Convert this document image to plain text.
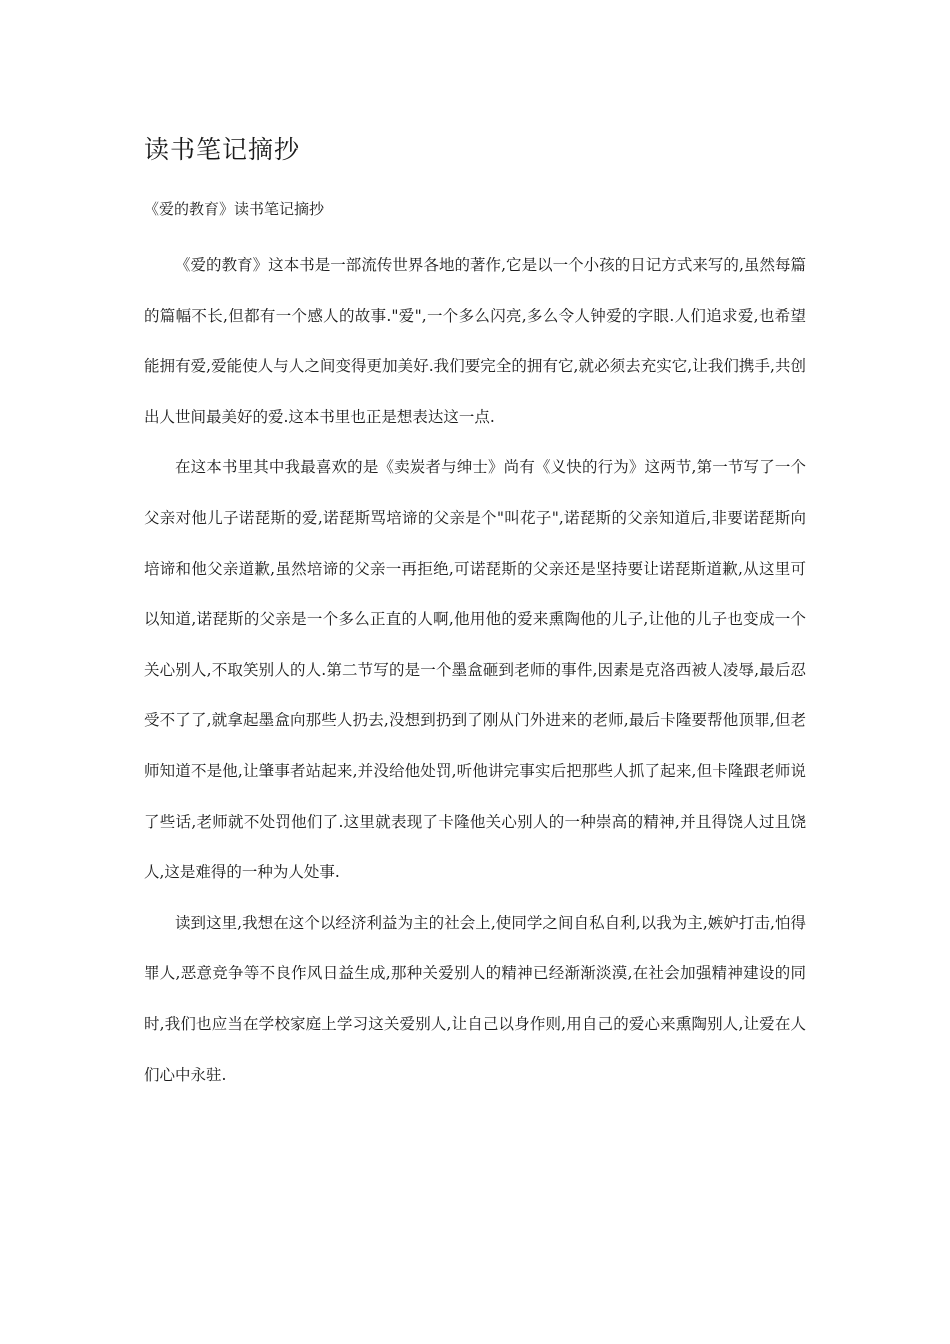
读书笔记摘抄

《爱的教育》读书笔记摘抄

《爱的教育》这本书是一部流传世界各地的著作,它是以一个小孩的日记方式来写的,虽然每篇的篇幅不长,但都有一个感人的故事."爱",一个多么闪亮,多么令人钟爱的字眼.人们追求爱,也希望能拥有爱,爱能使人与人之间变得更加美好.我们要完全的拥有它,就必须去充实它,让我们携手,共创出人世间最美好的爱.这本书里也正是想表达这一点.

在这本书里其中我最喜欢的是《卖炭者与绅士》尚有《义快的行为》这两节,第一节写了一个父亲对他儿子诺琵斯的爱,诺琵斯骂培谛的父亲是个"叫花子",诺琵斯的父亲知道后,非要诺琵斯向培谛和他父亲道歉,虽然培谛的父亲一再拒绝,可诺琵斯的父亲还是坚持要让诺琵斯道歉,从这里可以知道,诺琵斯的父亲是一个多么正直的人啊,他用他的爱来熏陶他的儿子,让他的儿子也变成一个关心别人,不取笑别人的人.第二节写的是一个墨盒砸到老师的事件,因素是克洛西被人凌辱,最后忍受不了了,就拿起墨盒向那些人扔去,没想到扔到了刚从门外进来的老师,最后卡隆要帮他顶罪,但老师知道不是他,让肇事者站起来,并没给他处罚,听他讲完事实后把那些人抓了起来,但卡隆跟老师说了些话,老师就不处罚他们了.这里就表现了卡隆他关心别人的一种崇高的精神,并且得饶人过且饶人,这是难得的一种为人处事.

读到这里,我想在这个以经济利益为主的社会上,使同学之间自私自利,以我为主,嫉妒打击,怕得罪人,恶意竞争等不良作风日益生成,那种关爱别人的精神已经渐渐淡漠,在社会加强精神建设的同时,我们也应当在学校家庭上学习这关爱别人,让自己以身作则,用自己的爱心来熏陶别人,让爱在人们心中永驻.
